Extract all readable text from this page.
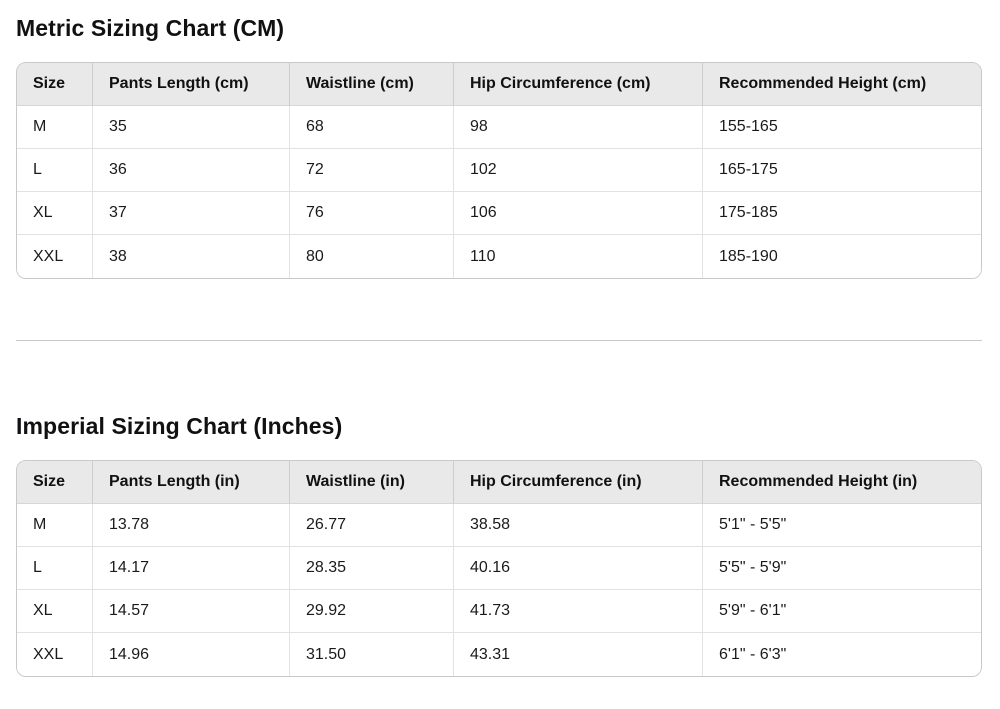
Metric Sizing Chart (CM)
Size	Pants Length (cm)	Waistline (cm)	Hip Circumference (cm)	Recommended Height (cm)
M	35	68	98	155-165
L	36	72	102	165-175
XL	37	76	106	175-185
XXL	38	80	110	185-190
Imperial Sizing Chart (Inches)
Size	Pants Length (in)	Waistline (in)	Hip Circumference (in)	Recommended Height (in)
M	13.78	26.77	38.58	5'1" - 5'5"
L	14.17	28.35	40.16	5'5" - 5'9"
XL	14.57	29.92	41.73	5'9" - 6'1"
XXL	14.96	31.50	43.31	6'1" - 6'3"
